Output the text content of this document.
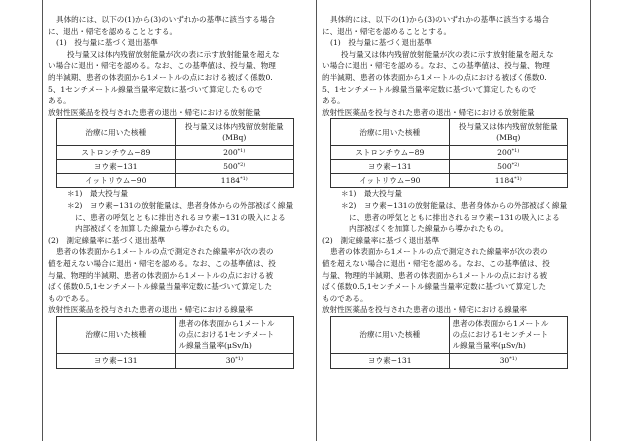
具体的には、以下の(1)から(3)のいずれかの基準に該当する場合

に、退出・帰宅を認めることとする。

(1)　投与量に基づく退出基準

投与量又は体内残留放射能量が次の表に示す放射能量を超えな

い場合に退出・帰宅を認める。なお、この基準値は、投与量、物理

的半減期、患者の体表面から1メートルの点における被ばく係数0.

5、1センチメートル線量当量率定数に基づいて算定したもので

ある。

放射性医薬品を投与された患者の退出・帰宅における放射能量

治療に用いた核種	投与量又は体内残留放射能量
(MBq)
ストロンチウム−89	200$^{*1)}$
ヨウ素−131	500$^{*2)}$
イットリウム−90	1184$^{*1)}$

＊1)　最大投与量

＊2)　ヨウ素−131の放射能量は、患者身体からの外部被ばく線量

に、患者の呼気とともに排出されるヨウ素−131の吸入による

内部被ばくを加算した線量から導かれたもの。

(2)　測定線量率に基づく退出基準

患者の体表面から1メートルの点で測定された線量率が次の表の

値を超えない場合に退出・帰宅を認める。なお、この基準値は、投

与量、物理的半減期、患者の体表面から1メートルの点における被

ばく係数0.5,1センチメートル線量当量率定数に基づいて算定した

ものである。

放射性医薬品を投与された患者の退出・帰宅における線量率

治療に用いた核種	患者の体表面から1メートル
の点における1センチメート
ル線量当量率(μSv/h)
ヨウ素−131	30$^{*1)}$

具体的には、以下の(1)から(3)のいずれかの基準に該当する場合

に、退出・帰宅を認めることとする。

(1)　投与量に基づく退出基準

投与量又は体内残留放射能量が次の表に示す放射能量を超えな

い場合に退出・帰宅を認める。なお、この基準値は、投与量、物理

的半減期、患者の体表面から1メートルの点における被ばく係数0.

5、1センチメートル線量当量率定数に基づいて算定したもので

ある。

放射性医薬品を投与された患者の退出・帰宅における放射能量

治療に用いた核種	投与量又は体内残留放射能量
(MBq)
ストロンチウム−89	200$^{*1)}$
ヨウ素−131	500$^{*2)}$
イットリウム−90	1184$^{*1)}$

＊1)　最大投与量

＊2)　ヨウ素−131の放射能量は、患者身体からの外部被ばく線量

に、患者の呼気とともに排出されるヨウ素−131の吸入による

内部被ばくを加算した線量から導かれたもの。

(2)　測定線量率に基づく退出基準

患者の体表面から1メートルの点で測定された線量率が次の表の

値を超えない場合に退出・帰宅を認める。なお、この基準値は、投

与量、物理的半減期、患者の体表面から1メートルの点における被

ばく係数0.5,1センチメートル線量当量率定数に基づいて算定した

ものである。

放射性医薬品を投与された患者の退出・帰宅における線量率

治療に用いた核種	患者の体表面から1メートル
の点における1センチメート
ル線量当量率(μSv/h)
ヨウ素−131	30$^{*1)}$
